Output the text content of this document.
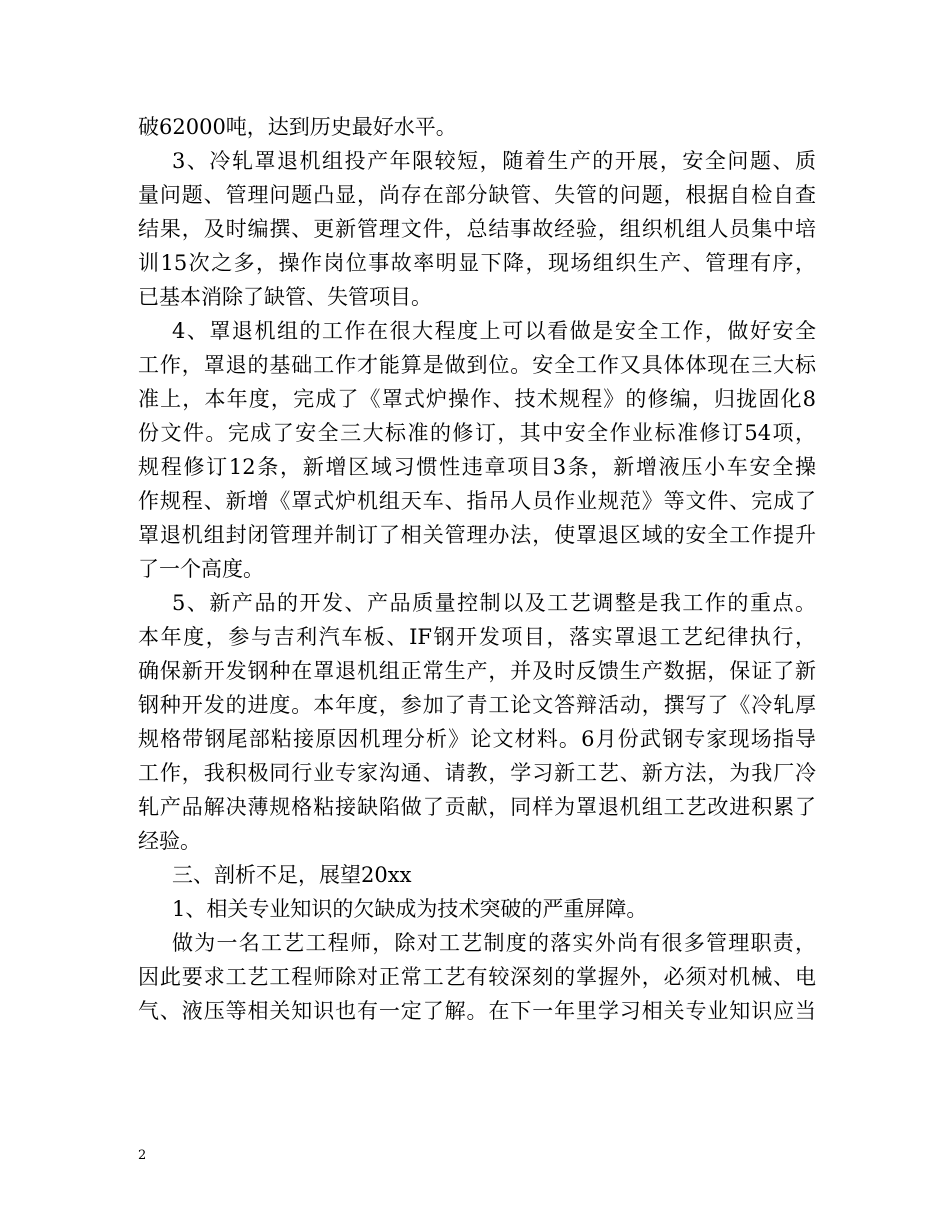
破62000吨，达到历史最好水平。
3、冷轧罩退机组投产年限较短，随着生产的开展，安全问题、质
量问题、管理问题凸显，尚存在部分缺管、失管的问题，根据自检自查
结果，及时编撰、更新管理文件，总结事故经验，组织机组人员集中培
训15次之多，操作岗位事故率明显下降，现场组织生产、管理有序，
已基本消除了缺管、失管项目。
4、罩退机组的工作在很大程度上可以看做是安全工作，做好安全
工作，罩退的基础工作才能算是做到位。安全工作又具体体现在三大标
准上，本年度，完成了《罩式炉操作、技术规程》的修编，归拢固化8
份文件。完成了安全三大标准的修订，其中安全作业标准修订54项，
规程修订12条，新增区域习惯性违章项目3条，新增液压小车安全操
作规程、新增《罩式炉机组天车、指吊人员作业规范》等文件、完成了
罩退机组封闭管理并制订了相关管理办法，使罩退区域的安全工作提升
了一个高度。
5、新产品的开发、产品质量控制以及工艺调整是我工作的重点。
本年度，参与吉利汽车板、IF钢开发项目，落实罩退工艺纪律执行，
确保新开发钢种在罩退机组正常生产，并及时反馈生产数据，保证了新
钢种开发的进度。本年度，参加了青工论文答辩活动，撰写了《冷轧厚
规格带钢尾部粘接原因机理分析》论文材料。6月份武钢专家现场指导
工作，我积极同行业专家沟通、请教，学习新工艺、新方法，为我厂冷
轧产品解决薄规格粘接缺陷做了贡献，同样为罩退机组工艺改进积累了
经验。
三、剖析不足，展望20xx
1、相关专业知识的欠缺成为技术突破的严重屏障。
做为一名工艺工程师，除对工艺制度的落实外尚有很多管理职责，
因此要求工艺工程师除对正常工艺有较深刻的掌握外，必须对机械、电
气、液压等相关知识也有一定了解。在下一年里学习相关专业知识应当
2
